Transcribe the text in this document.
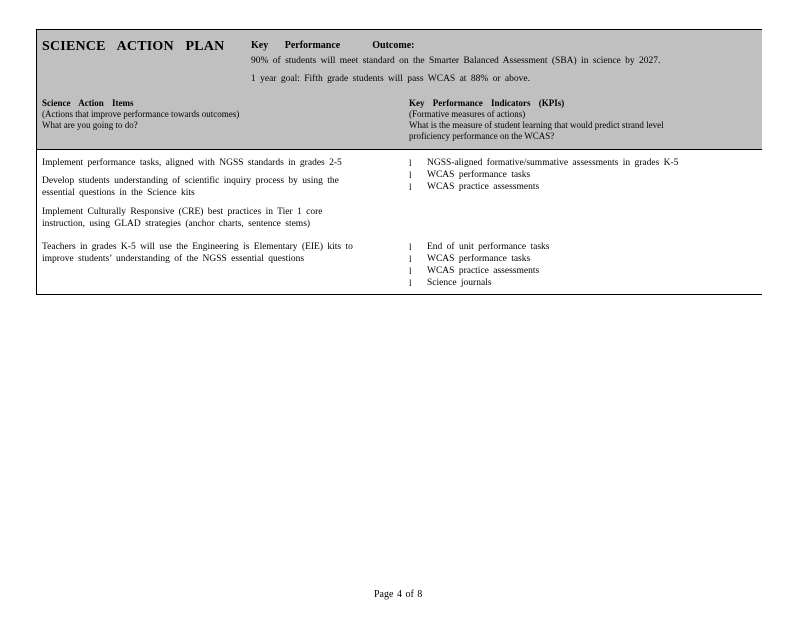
SCIENCE ACTION PLAN	Key Performance	Outcome:
90% of students will meet standard on the Smarter Balanced Assessment (SBA) in science by 2027.
1 year goal: Fifth grade students will pass WCAS at 88% or above.
Science Action Items
(Actions that improve performance towards outcomes)
What are you going to do?
Key Performance Indicators (KPIs)
(Formative measures of actions)
What is the measure of student learning that would predict strand level
proficiency performance on the WCAS?
Implement performance tasks, aligned with NGSS standards in grades 2-5
Develop students understanding of scientific inquiry process by using the
essential questions in the Science kits
Implement Culturally Responsive (CRE) best practices in Tier 1 core
instruction, using GLAD strategies (anchor charts, sentence stems)
Teachers in grades K-5 will use the Engineering is Elementary (EIE) kits to
improve students’ understanding of the NGSS essential questions
l NGSS-aligned formative/summative assessments in grades K-5
l WCAS performance tasks
l WCAS practice assessments
l End of unit performance tasks
l WCAS performance tasks
l WCAS practice assessments
l Science journals
Page 4 of 8
